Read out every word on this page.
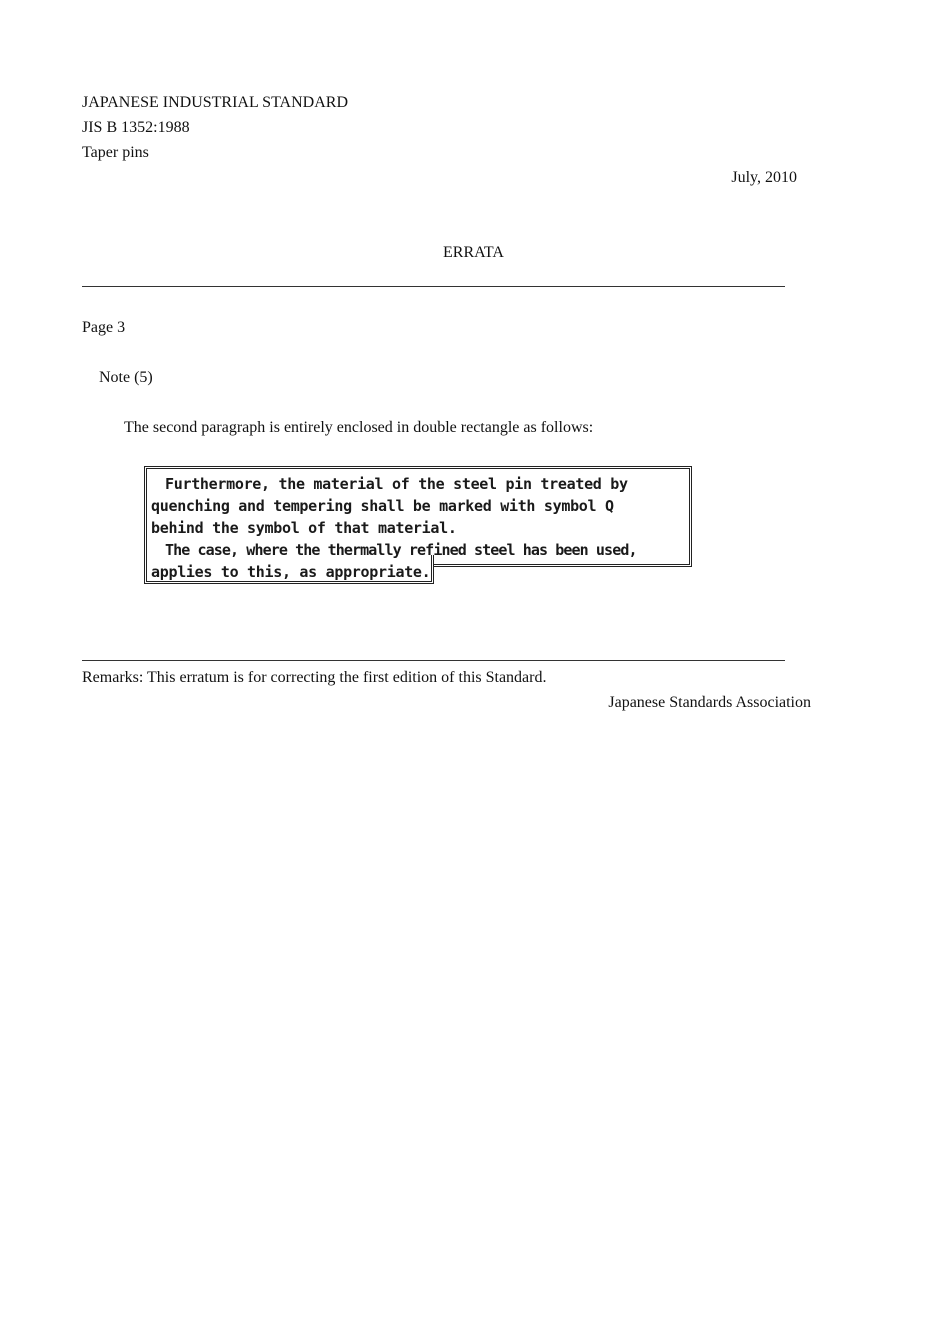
JAPANESE INDUSTRIAL STANDARD
JIS B 1352:1988
Taper pins
July, 2010
ERRATA
Page 3
Note (5)
The second paragraph is entirely enclosed in double rectangle as follows:
Furthermore, the material of the steel pin treated by
quenching and tempering shall be marked with symbol Q
behind the symbol of that material.
The case, where the thermally refined steel has been used,
applies to this, as appropriate.
Remarks: This erratum is for correcting the first edition of this Standard.
Japanese Standards Association
